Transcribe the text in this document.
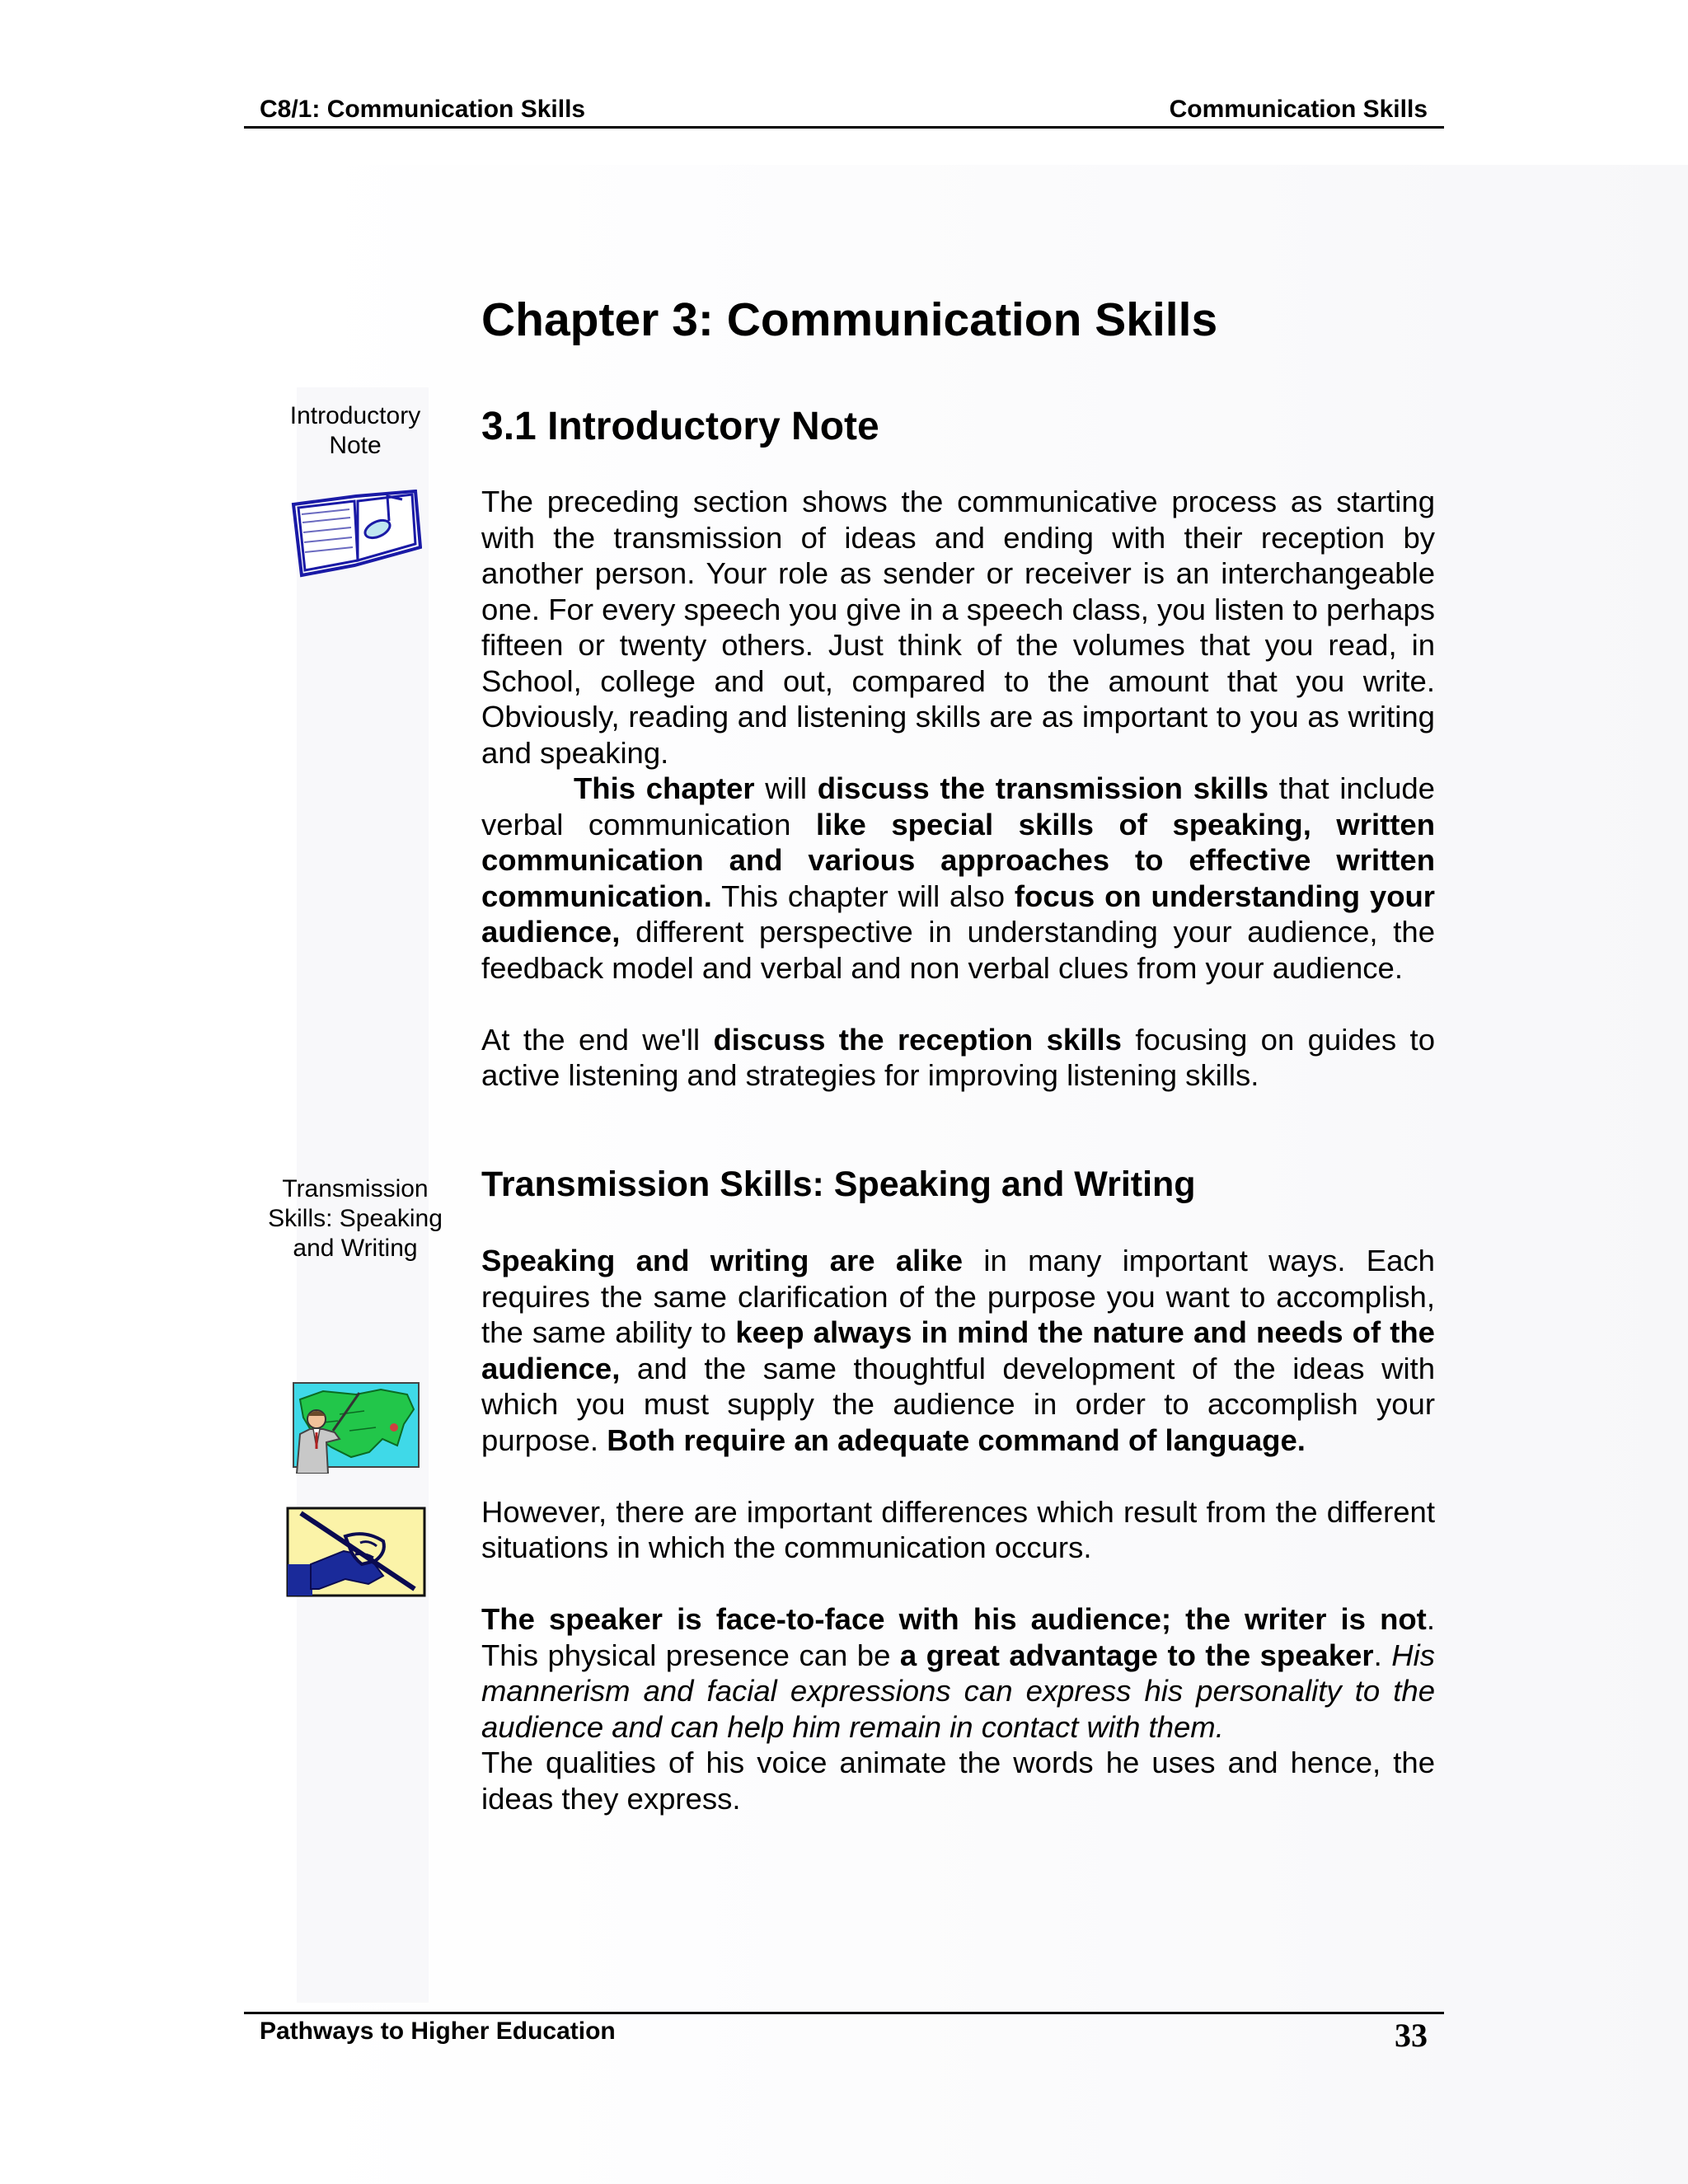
C8/1: Communication Skills	Communication Skills
Chapter 3: Communication Skills
Introductory
Note	3.1 Introductory Note

The preceding section shows the communicative process as starting with the transmission of ideas and ending with their reception by another person. Your role as sender or receiver is an interchangeable one. For every speech you give in a speech class, you listen to perhaps fifteen or twenty others. Just think of the volumes that you read, in School, college and out, compared to the amount that you write. Obviously, reading and listening skills are as important to you as writing and speaking.

This chapter will discuss the transmission skills that include verbal communication like special skills of speaking, written communication and various approaches to effective written communication. This chapter will also focus on understanding your audience, different perspective in understanding your audience, the feedback model and verbal and non verbal clues from your audience.

At the end we'll discuss the reception skills focusing on guides to active listening and strategies for improving listening skills.

Transmission
Skills: Speaking
and Writing
Transmission Skills: Speaking and Writing

Speaking and writing are alike in many important ways. Each requires the same clarification of the purpose you want to accomplish, the same ability to keep always in mind the nature and needs of the audience, and the same thoughtful development of the ideas with which you must supply the audience in order to accomplish your purpose. Both require an adequate command of language.

However, there are important differences which result from the different situations in which the communication occurs.

The speaker is face-to-face with his audience; the writer is not. This physical presence can be a great advantage to the speaker. His mannerism and facial expressions can express his personality to the audience and can help him remain in contact with them.

The qualities of his voice animate the words he uses and hence, the ideas they express.

Pathways to Higher Education	33
